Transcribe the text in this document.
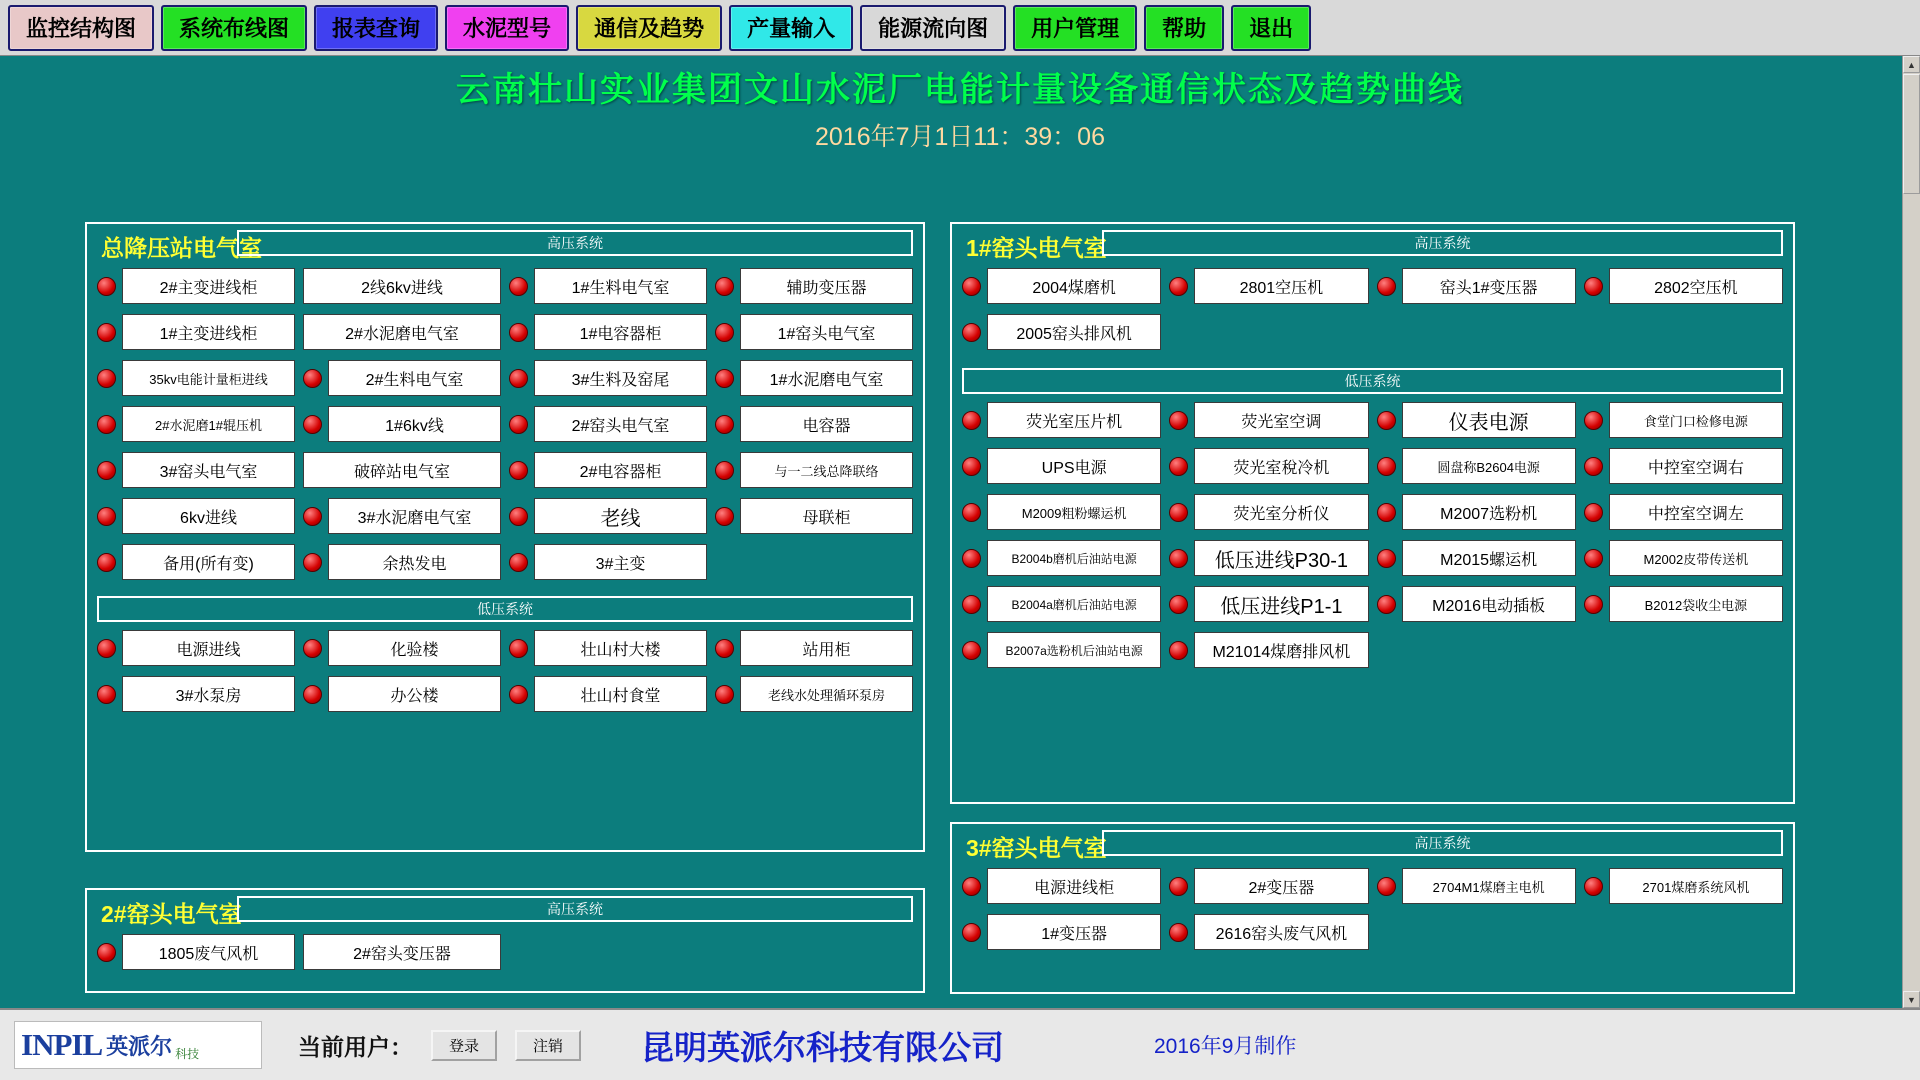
监控结构图	系统布线图	报表查询	水泥型号	通信及趋势	产量输入	能源流向图	用户管理	帮助	退出
云南壮山实业集团文山水泥厂电能计量设备通信状态及趋势曲线
2016年7月1日11：39：06
总降压站电气室	高压系统
2#主变进线柜	2线6kv进线	1#生料电气室	辅助变压器
1#主变进线柜	2#水泥磨电气室	1#电容器柜	1#窑头电气室
35kv电能计量柜进线	2#生料电气室	3#生料及窑尾	1#水泥磨电气室
2#水泥磨1#辊压机	1#6kv线	2#窑头电气室	电容器
3#窑头电气室	破碎站电气室	2#电容器柜	与一二线总降联络
6kv进线	3#水泥磨电气室	老线	母联柜
备用(所有变)	余热发电	3#主变
低压系统
电源进线	化验楼	壮山村大楼	站用柜
3#水泵房	办公楼	壮山村食堂	老线水处理循环泵房
2#窑头电气室	高压系统
1805废气风机	2#窑头变压器
1#窑头电气室	高压系统
2004煤磨机	2801空压机	窑头1#变压器	2802空压机
2005窑头排风机
低压系统
荧光室压片机	荧光室空调	仪表电源	食堂门口检修电源
UPS电源	荧光室稅冷机	圆盘称B2604电源	中控室空调右
M2009粗粉螺运机	荧光室分析仪	M2007选粉机	中控室空调左
B2004b磨机后油站电源	低压进线P30-1	M2015螺运机	M2002皮带传送机
B2004a磨机后油站电源	低压进线P1-1	M2016电动插板	B2012袋收尘电源
B2007a选粉机后油站电源	M21014煤磨排风机
3#窑头电气室	高压系统
电源进线柜	2#变压器	2704M1煤磨主电机	2701煤磨系统风机
1#变压器	2616窑头废气风机
▲
▼
INPIL 英派尔 科技	当前用户：	登录	注销	昆明英派尔科技有限公司	2016年9月制作
